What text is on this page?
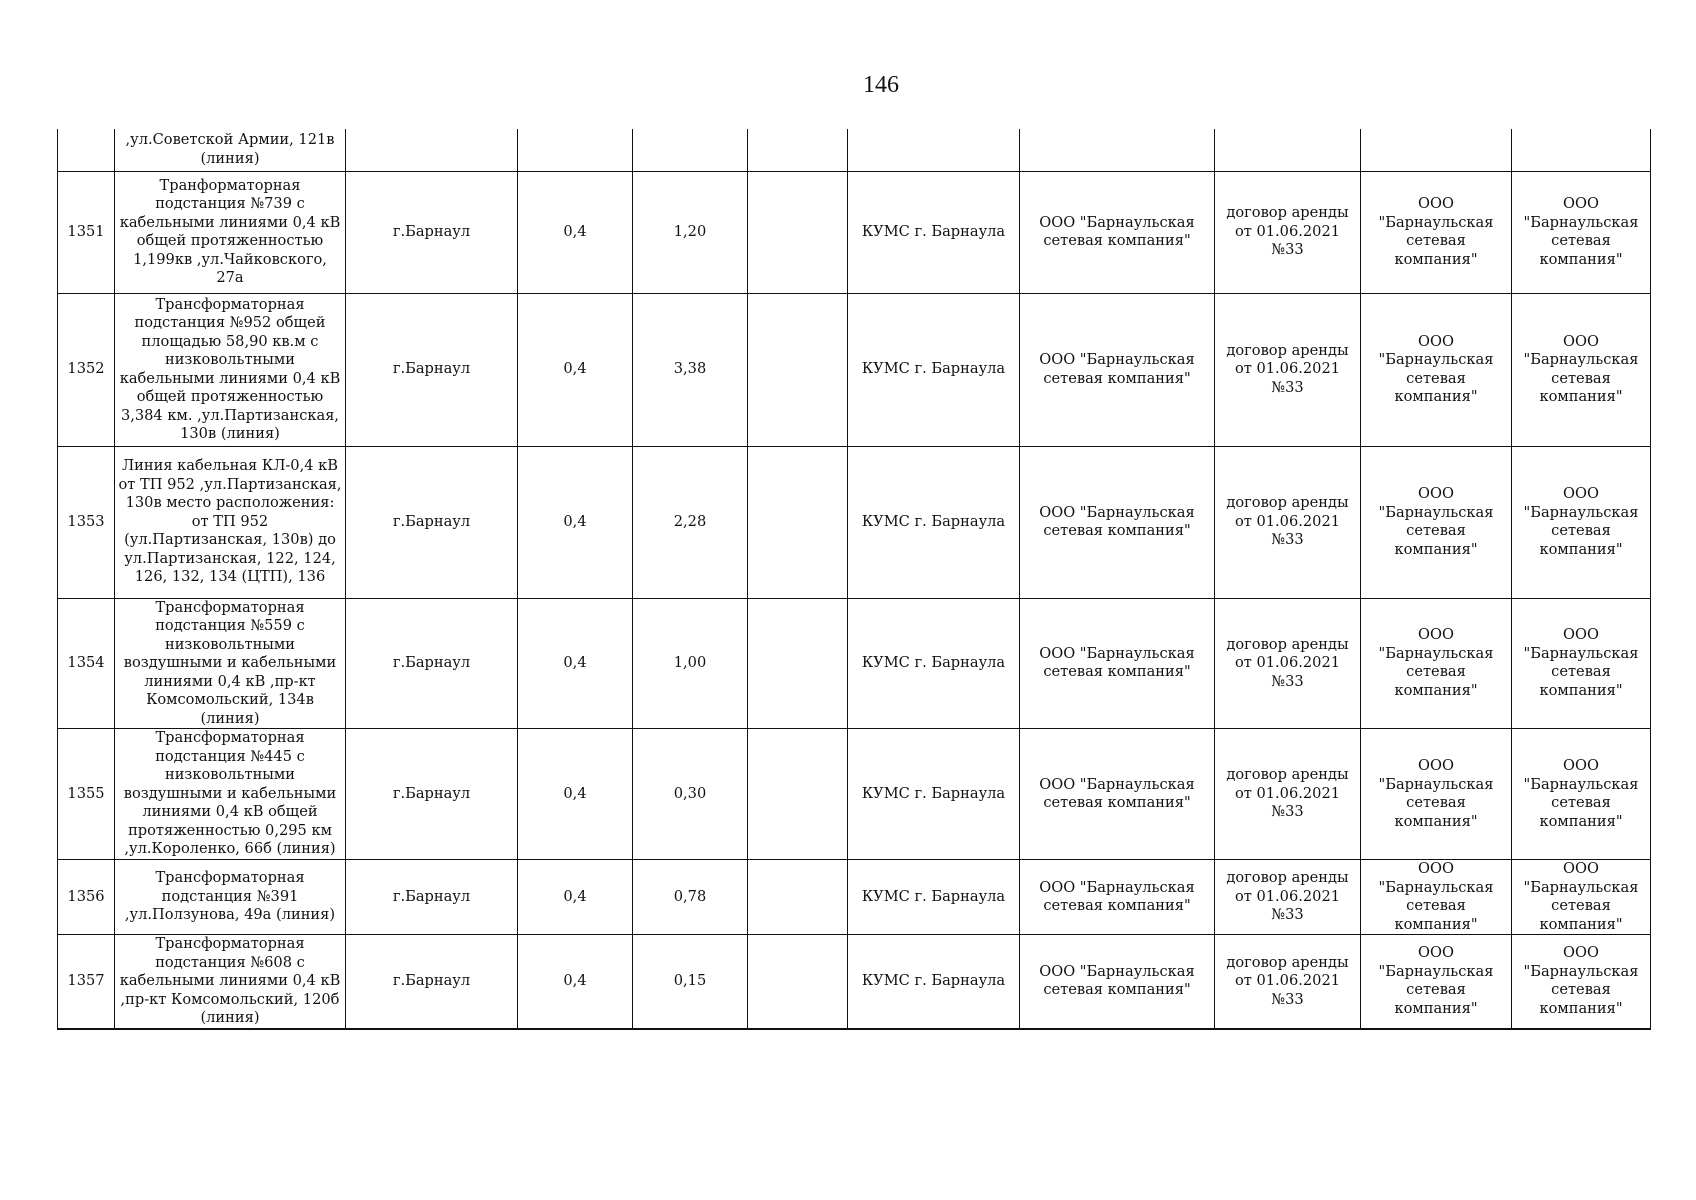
146
	,ул.Советской Армии, 121в (линия)									
1351	Транформаторная подстанция №739 с кабельными линиями 0,4 кВ общей протяженностью 1,199кв ,ул.Чайковского, 27а	г.Барнаул	0,4	1,20		КУМС г. Барнаула	ООО "Барнаульская сетевая компания"	договор аренды от 01.06.2021 №33	ООО "Барнаульская сетевая компания"	ООО "Барнаульская сетевая компания"
1352	Трансформаторная подстанция №952 общей площадью 58,90 кв.м с низковольтными кабельными линиями 0,4 кВ общей протяженностью 3,384 км. ,ул.Партизанская, 130в (линия)	г.Барнаул	0,4	3,38		КУМС г. Барнаула	ООО "Барнаульская сетевая компания"	договор аренды от 01.06.2021 №33	ООО "Барнаульская сетевая компания"	ООО "Барнаульская сетевая компания"
1353	Линия кабельная КЛ-0,4 кВ от ТП 952 ,ул.Партизанская, 130в место расположения: от ТП 952 (ул.Партизанская, 130в) до ул.Партизанская, 122, 124, 126, 132, 134 (ЦТП), 136	г.Барнаул	0,4	2,28		КУМС г. Барнаула	ООО "Барнаульская сетевая компания"	договор аренды от 01.06.2021 №33	ООО "Барнаульская сетевая компания"	ООО "Барнаульская сетевая компания"
1354	Трансформаторная подстанция №559 с низковольтными воздушными и кабельными линиями 0,4 кВ ,пр-кт Комсомольский, 134в (линия)	г.Барнаул	0,4	1,00		КУМС г. Барнаула	ООО "Барнаульская сетевая компания"	договор аренды от 01.06.2021 №33	ООО "Барнаульская сетевая компания"	ООО "Барнаульская сетевая компания"
1355	Трансформаторная подстанция №445 с низковольтными воздушными и кабельными линиями 0,4 кВ общей протяженностью 0,295 км ,ул.Короленко, 66б (линия)	г.Барнаул	0,4	0,30		КУМС г. Барнаула	ООО "Барнаульская сетевая компания"	договор аренды от 01.06.2021 №33	ООО "Барнаульская сетевая компания"	ООО "Барнаульская сетевая компания"
1356	Трансформаторная подстанция №391 ,ул.Ползунова, 49а (линия)	г.Барнаул	0,4	0,78		КУМС г. Барнаула	ООО "Барнаульская сетевая компания"	договор аренды от 01.06.2021 №33	ООО "Барнаульская сетевая компания"	ООО "Барнаульская сетевая компания"
1357	Трансформаторная подстанция №608 с кабельными линиями 0,4 кВ ,пр-кт Комсомольский, 120б (линия)	г.Барнаул	0,4	0,15		КУМС г. Барнаула	ООО "Барнаульская сетевая компания"	договор аренды от 01.06.2021 №33	ООО "Барнаульская сетевая компания"	ООО "Барнаульская сетевая компания"
